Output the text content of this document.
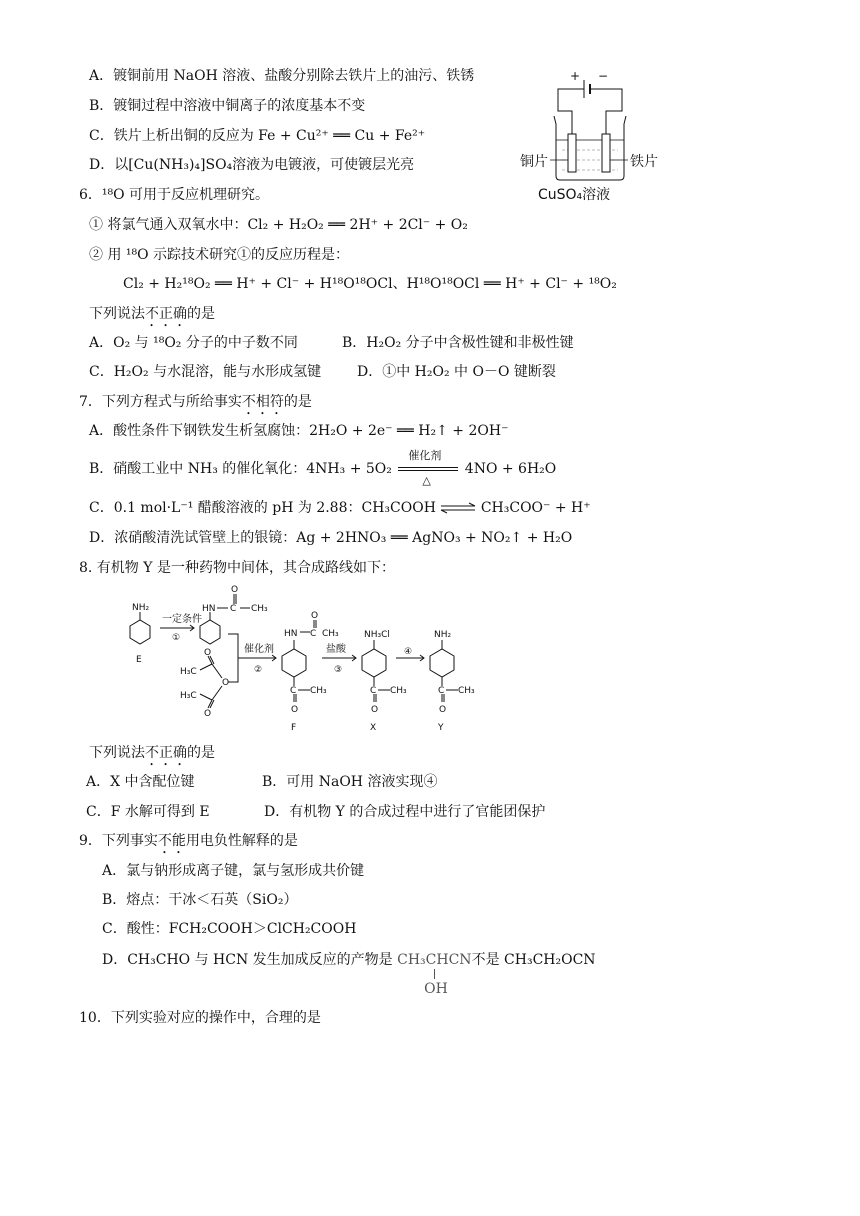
A．镀铜前用 NaOH 溶液、盐酸分别除去铁片上的油污、铁锈
B．镀铜过程中溶液中铜离子的浓度基本不变
C．铁片上析出铜的反应为 Fe + Cu²⁺ ══ Cu + Fe²⁺
D．以[Cu(NH₃)₄]SO₄溶液为电镀液，可使镀层光亮
+ −
铜片	铁片
CuSO₄溶液
6．¹⁸O 可用于反应机理研究。
① 将氯气通入双氧水中：Cl₂ + H₂O₂ ══ 2H⁺ + 2Cl⁻ + O₂
② 用 ¹⁸O 示踪技术研究①的反应历程是：
Cl₂ + H₂¹⁸O₂ ══ H⁺ + Cl⁻ + H¹⁸O¹⁸OCl、H¹⁸O¹⁸OCl ══ H⁺ + Cl⁻ + ¹⁸O₂
下列说法不正确的是
A．O₂ 与 ¹⁸O₂ 分子的中子数不同	B．H₂O₂ 分子中含极性键和非极性键
C．H₂O₂ 与水混溶，能与水形成氢键	D．①中 H₂O₂ 中 O－O 键断裂
7．下列方程式与所给事实不相符的是
A．酸性条件下钢铁发生析氢腐蚀：2H₂O + 2e⁻ ══ H₂↑ + 2OH⁻
B．硝酸工业中 NH₃ 的催化氧化：4NH₃ + 5O₂
催化剂
△
4NO + 6H₂O
C．0.1 mol·L⁻¹ 醋酸溶液的 pH 为 2.88：CH₃COOH ⇌ CH₃COO⁻ + H⁺
D．浓硝酸清洗试管壁上的银镜：Ag + 2HNO₃ ══ AgNO₃ + NO₂↑ + H₂O
8. 有机物 Y 是一种药物中间体，其合成路线如下：
NH₂
E
一定条件
①
HN C
O
CH₃
H₃C
H₃C
O
O
O
催化剂
②
HN C
O
CH₃
C CH₃
O
F
盐酸
③
NH₃Cl
C CH₃
O
X
④
NH₂
C CH₃
O
Y
下列说法不正确的是
A．X 中含配位键	B．可用 NaOH 溶液实现④
C．F 水解可得到 E	D．有机物 Y 的合成过程中进行了官能团保护
9．下列事实不能用电负性解释的是
A．氯与钠形成离子键，氯与氢形成共价键
B．熔点：干冰＜石英（SiO₂）
C．酸性：FCH₂COOH＞ClCH₂COOH
D．CH₃CHO 与 HCN 发生加成反应的产物是 CH₃CHCN
OH
不是 CH₃CH₂OCN
10．下列实验对应的操作中，合理的是
